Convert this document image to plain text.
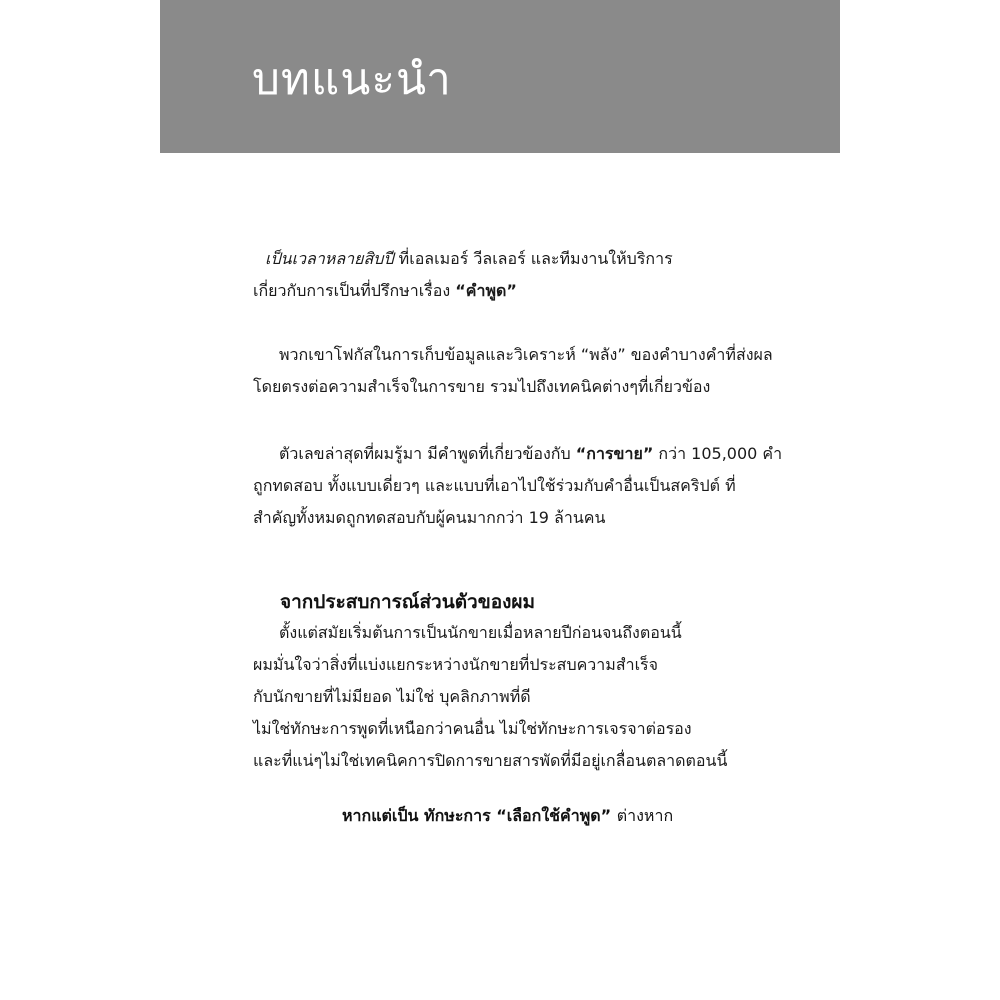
บทแนะนำ
เป็นเวลาหลายสิบปี ที่เอลเมอร์ วีลเลอร์ และทีมงานให้บริการ
เกี่ยวกับการเป็นที่ปรึกษาเรื่อง “คำพูด”
พวกเขาโฟกัสในการเก็บข้อมูลและวิเคราะห์ “พลัง” ของคำบางคำที่ส่งผล
โดยตรงต่อความสำเร็จในการขาย รวมไปถึงเทคนิคต่างๆที่เกี่ยวข้อง
ตัวเลขล่าสุดที่ผมรู้มา มีคำพูดที่เกี่ยวข้องกับ “การขาย” กว่า 105,000 คำ
ถูกทดสอบ ทั้งแบบเดี่ยวๆ และแบบที่เอาไปใช้ร่วมกับคำอื่นเป็นสคริปต์ ที่
สำคัญทั้งหมดถูกทดสอบกับผู้คนมากกว่า 19 ล้านคน
จากประสบการณ์ส่วนตัวของผม
ตั้งแต่สมัยเริ่มต้นการเป็นนักขายเมื่อหลายปีก่อนจนถึงตอนนี้
ผมมั่นใจว่าสิ่งที่แบ่งแยกระหว่างนักขายที่ประสบความสำเร็จ
กับนักขายที่ไม่มียอด ไม่ใช่ บุคลิกภาพที่ดี
ไม่ใช่ทักษะการพูดที่เหนือกว่าคนอื่น ไม่ใช่ทักษะการเจรจาต่อรอง
และที่แน่ๆไม่ใช่เทคนิคการปิดการขายสารพัดที่มีอยู่เกลื่อนตลาดตอนนี้
หากแต่เป็น ทักษะการ “เลือกใช้คำพูด” ต่างหาก
